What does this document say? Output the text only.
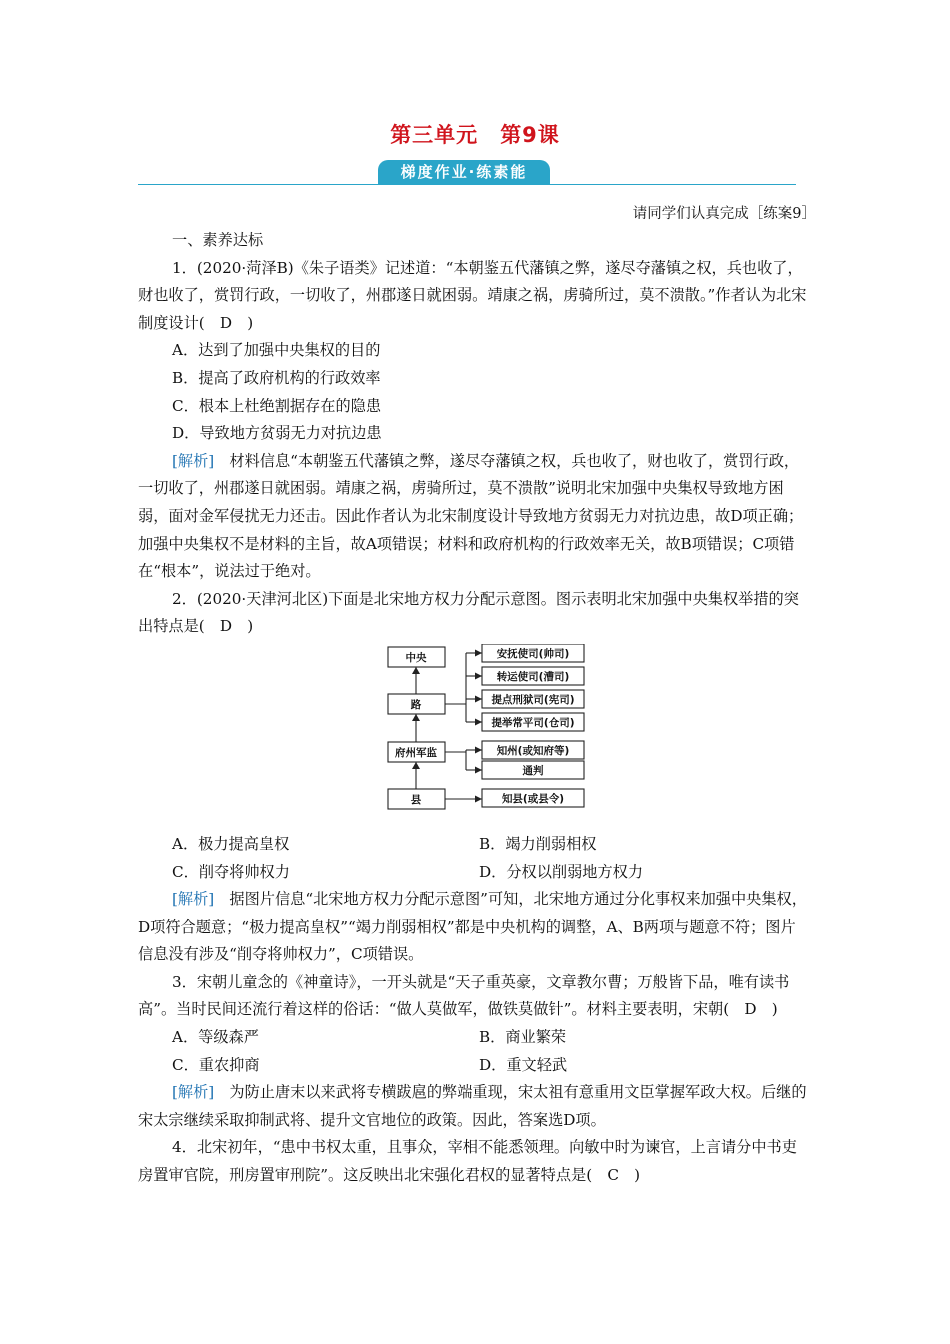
第三单元 第9课
梯度作业·练素能
请同学们认真完成［练案9］

一、素养达标

1．(2020·菏泽B)《朱子语类》记述道：“本朝鉴五代藩镇之弊，遂尽夺藩镇之权，兵也收了，财也收了，赏罚行政，一切收了，州郡遂日就困弱。靖康之祸，虏骑所过，莫不溃散。”作者认为北宋制度设计(　D　)

A．达到了加强中央集权的目的

B．提高了政府机构的行政效率

C．根本上杜绝割据存在的隐患

D．导致地方贫弱无力对抗边患

[解析]　材料信息“本朝鉴五代藩镇之弊，遂尽夺藩镇之权，兵也收了，财也收了，赏罚行政，一切收了，州郡遂日就困弱。靖康之祸，虏骑所过，莫不溃散”说明北宋加强中央集权导致地方困弱，面对金军侵扰无力还击。因此作者认为北宋制度设计导致地方贫弱无力对抗边患，故D项正确；加强中央集权不是材料的主旨，故A项错误；材料和政府机构的行政效率无关，故B项错误；C项错在“根本”，说法过于绝对。

2．(2020·天津河北区)下面是北宋地方权力分配示意图。图示表明北宋加强中央集权举措的突出特点是(　D　)

中央
路
府州军监
县
安抚使司(帅司)
转运使司(漕司)
提点刑狱司(宪司)
提举常平司(仓司)
知州(或知府等)
通判
知县(或县令)
A．极力提高皇权	B．竭力削弱相权
C．削夺将帅权力	D．分权以削弱地方权力

[解析]　据图片信息“北宋地方权力分配示意图”可知，北宋地方通过分化事权来加强中央集权，D项符合题意；“极力提高皇权”“竭力削弱相权”都是中央机构的调整，A、B两项与题意不符；图片信息没有涉及“削夺将帅权力”，C项错误。

3．宋朝儿童念的《神童诗》，一开头就是“天子重英豪，文章教尔曹；万般皆下品，唯有读书高”。当时民间还流行着这样的俗话：“做人莫做军，做铁莫做针”。材料主要表明，宋朝(　D　)

A．等级森严	B．商业繁荣
C．重农抑商	D．重文轻武

[解析]　为防止唐末以来武将专横跋扈的弊端重现，宋太祖有意重用文臣掌握军政大权。后继的宋太宗继续采取抑制武将、提升文官地位的政策。因此，答案选D项。

4．北宋初年，“患中书权太重，且事众，宰相不能悉领理。向敏中时为谏官，上言请分中书吏房置审官院，刑房置审刑院”。这反映出北宋强化君权的显著特点是(　C　)
